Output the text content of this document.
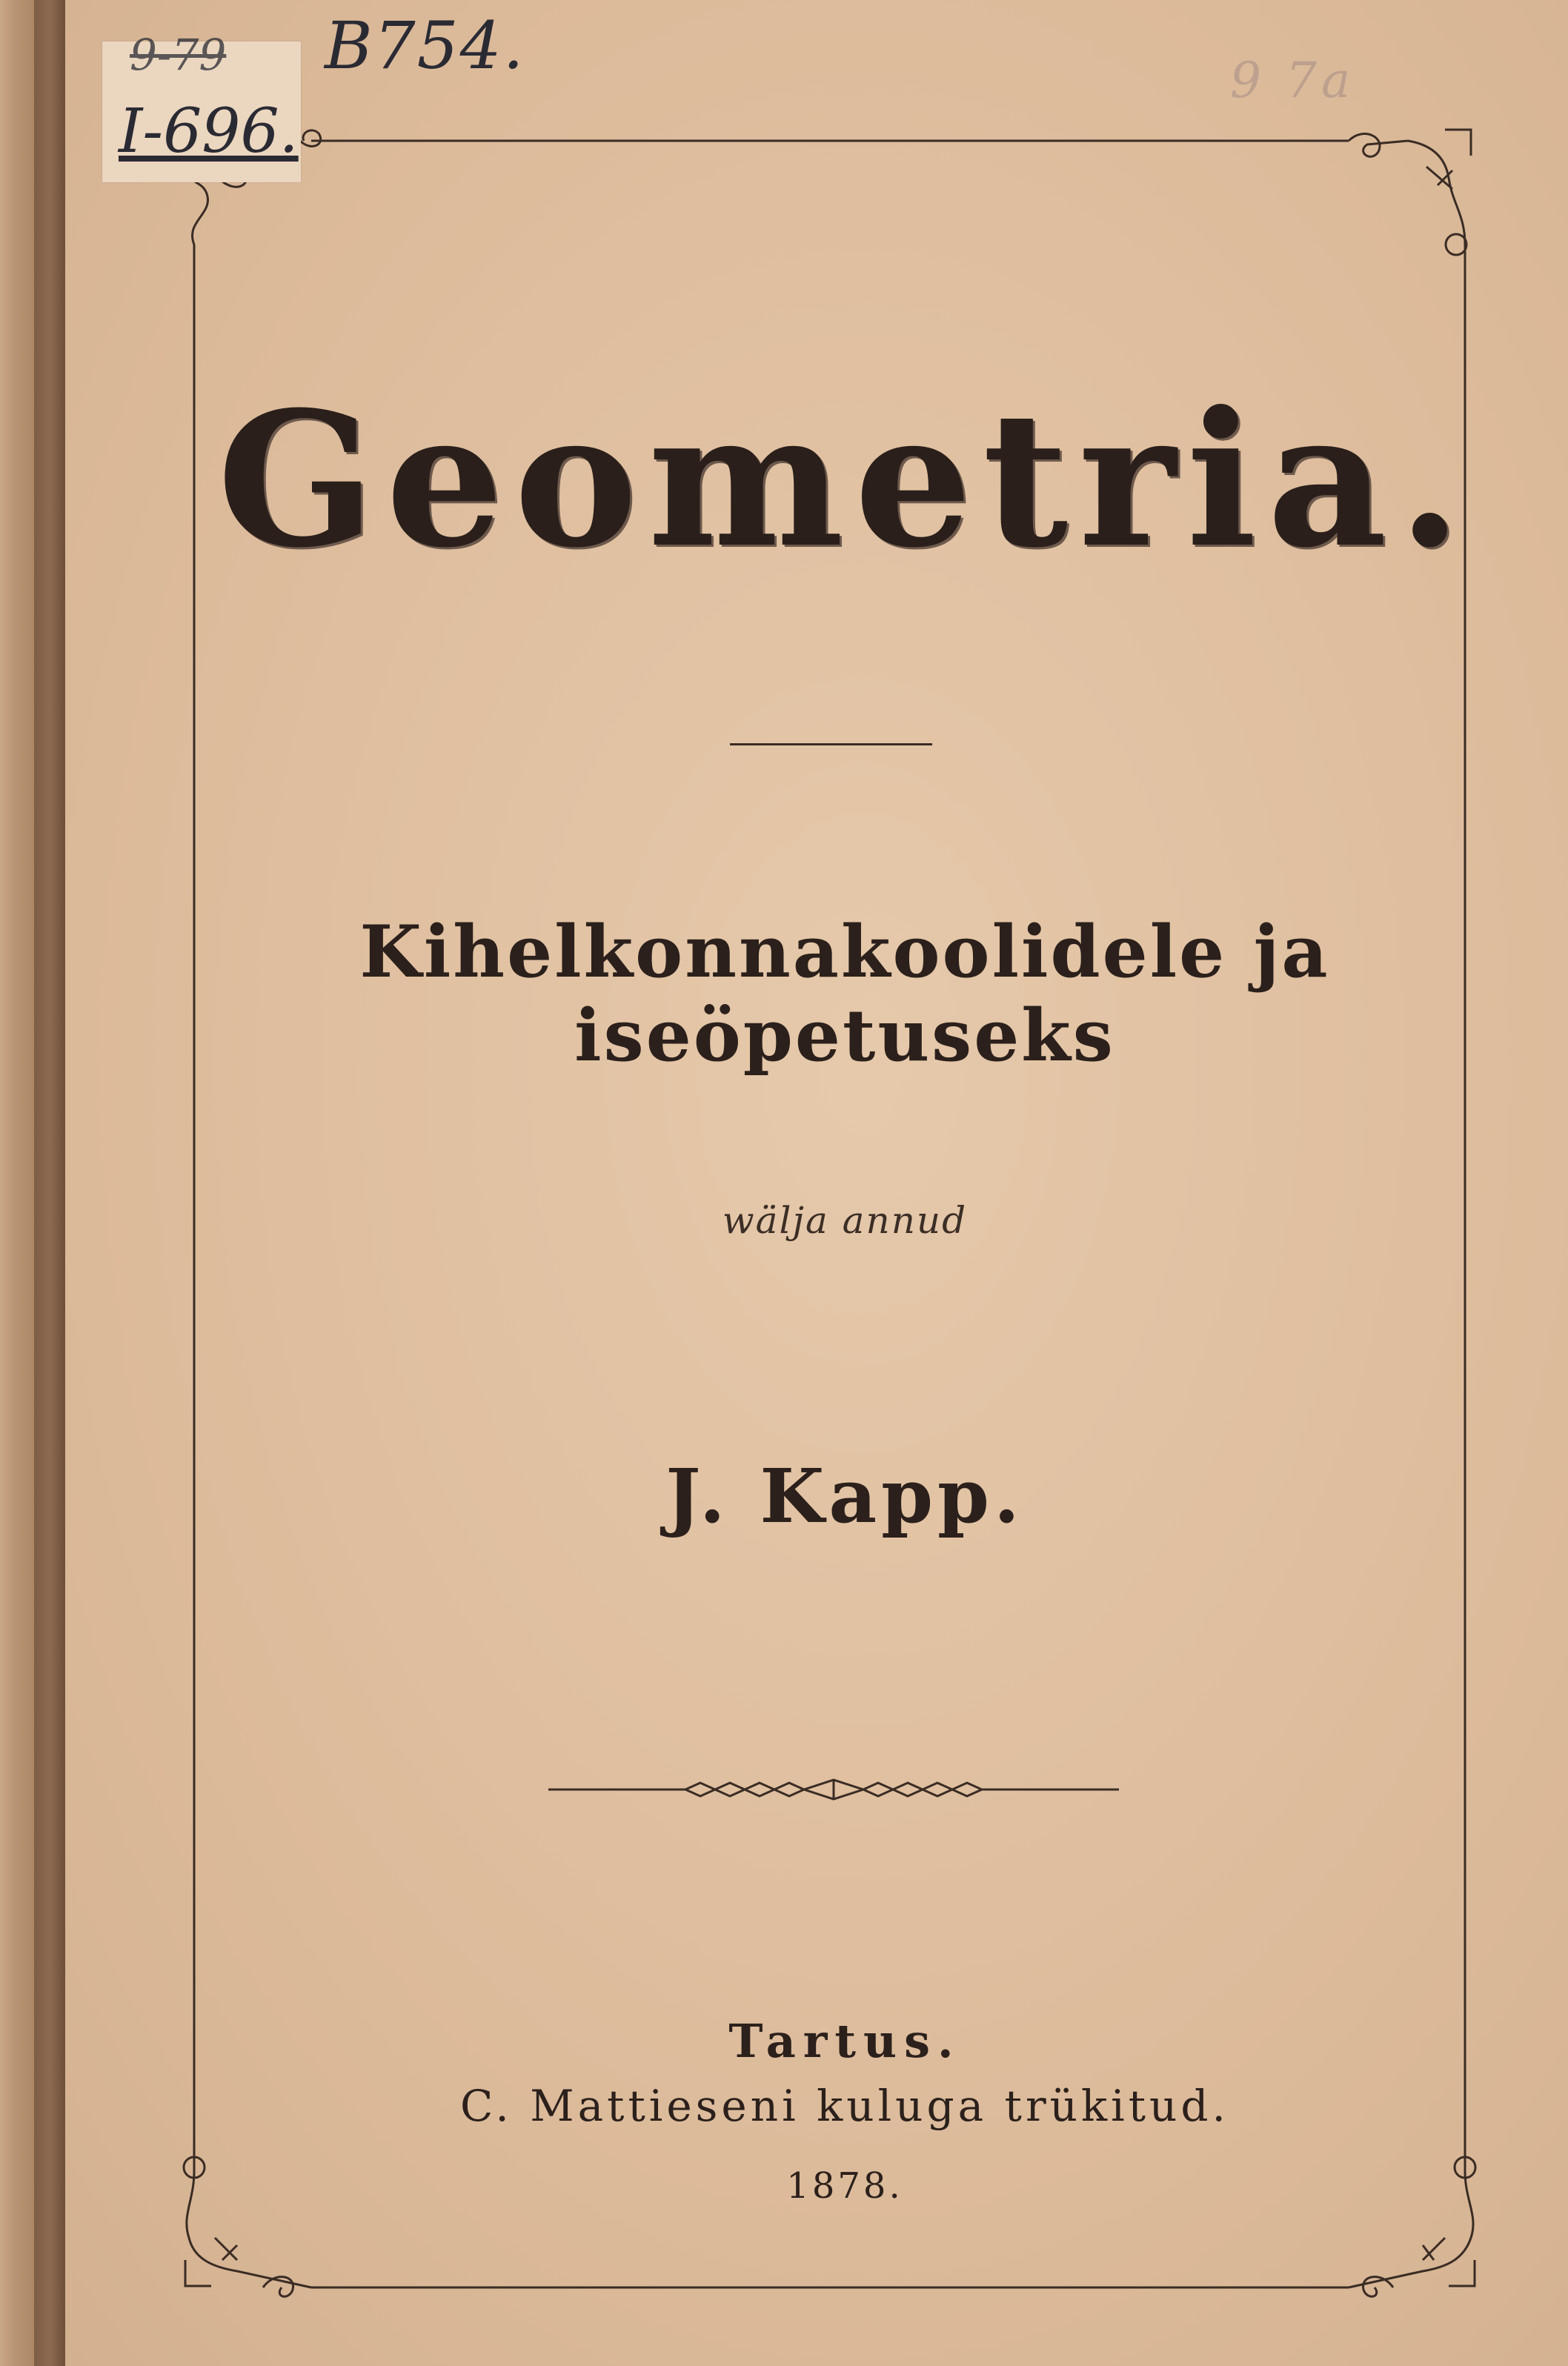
9-79
I-696.
B754.	9 7a
Geometria.
Kihelkonnakoolidele ja iseöpetuseks
wälja annud
J. Kapp.
Tartus.
C. Mattieseni kuluga trükitud.
1878.
